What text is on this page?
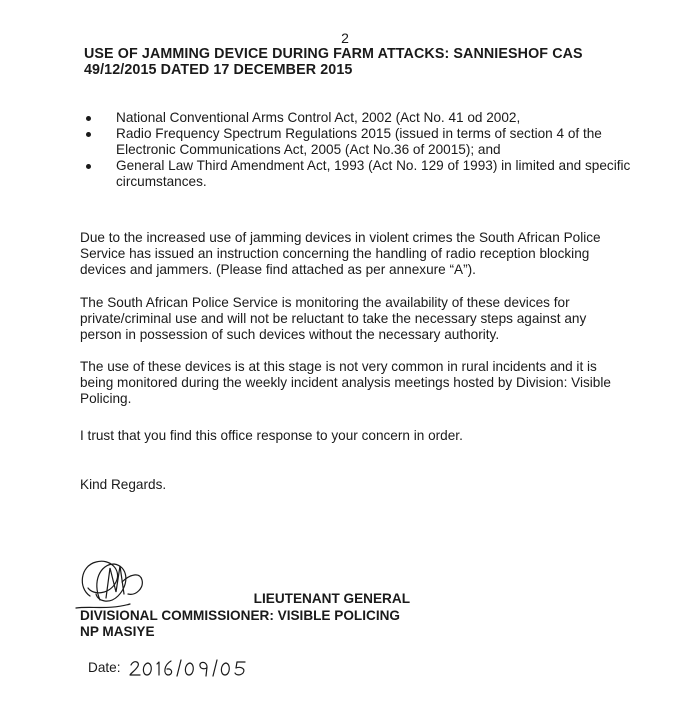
2
USE OF JAMMING DEVICE DURING FARM ATTACKS: SANNIESHOF CAS 49/12/2015 DATED 17 DECEMBER 2015
National Conventional Arms Control Act, 2002 (Act No. 41 od 2002,
Radio Frequency Spectrum Regulations 2015 (issued in terms of section 4 of the Electronic Communications Act, 2005 (Act No.36 of 20015); and
General Law Third Amendment Act, 1993 (Act No. 129 of 1993) in limited and specific circumstances.

Due to the increased use of jamming devices in violent crimes the South African Police Service has issued an instruction concerning the handling of radio reception blocking devices and jammers. (Please find attached as per annexure “A”).

The South African Police Service is monitoring the availability of these devices for private/criminal use and will not be reluctant to take the necessary steps against any person in possession of such devices without the necessary authority.

The use of these devices is at this stage is not very common in rural incidents and it is being monitored during the weekly incident analysis meetings hosted by Division: Visible Policing.

I trust that you find this office response to your concern in order.

Kind Regards.

LIEUTENANT GENERAL
DIVISIONAL COMMISSIONER: VISIBLE POLICING
NP MASIYE
Date:
